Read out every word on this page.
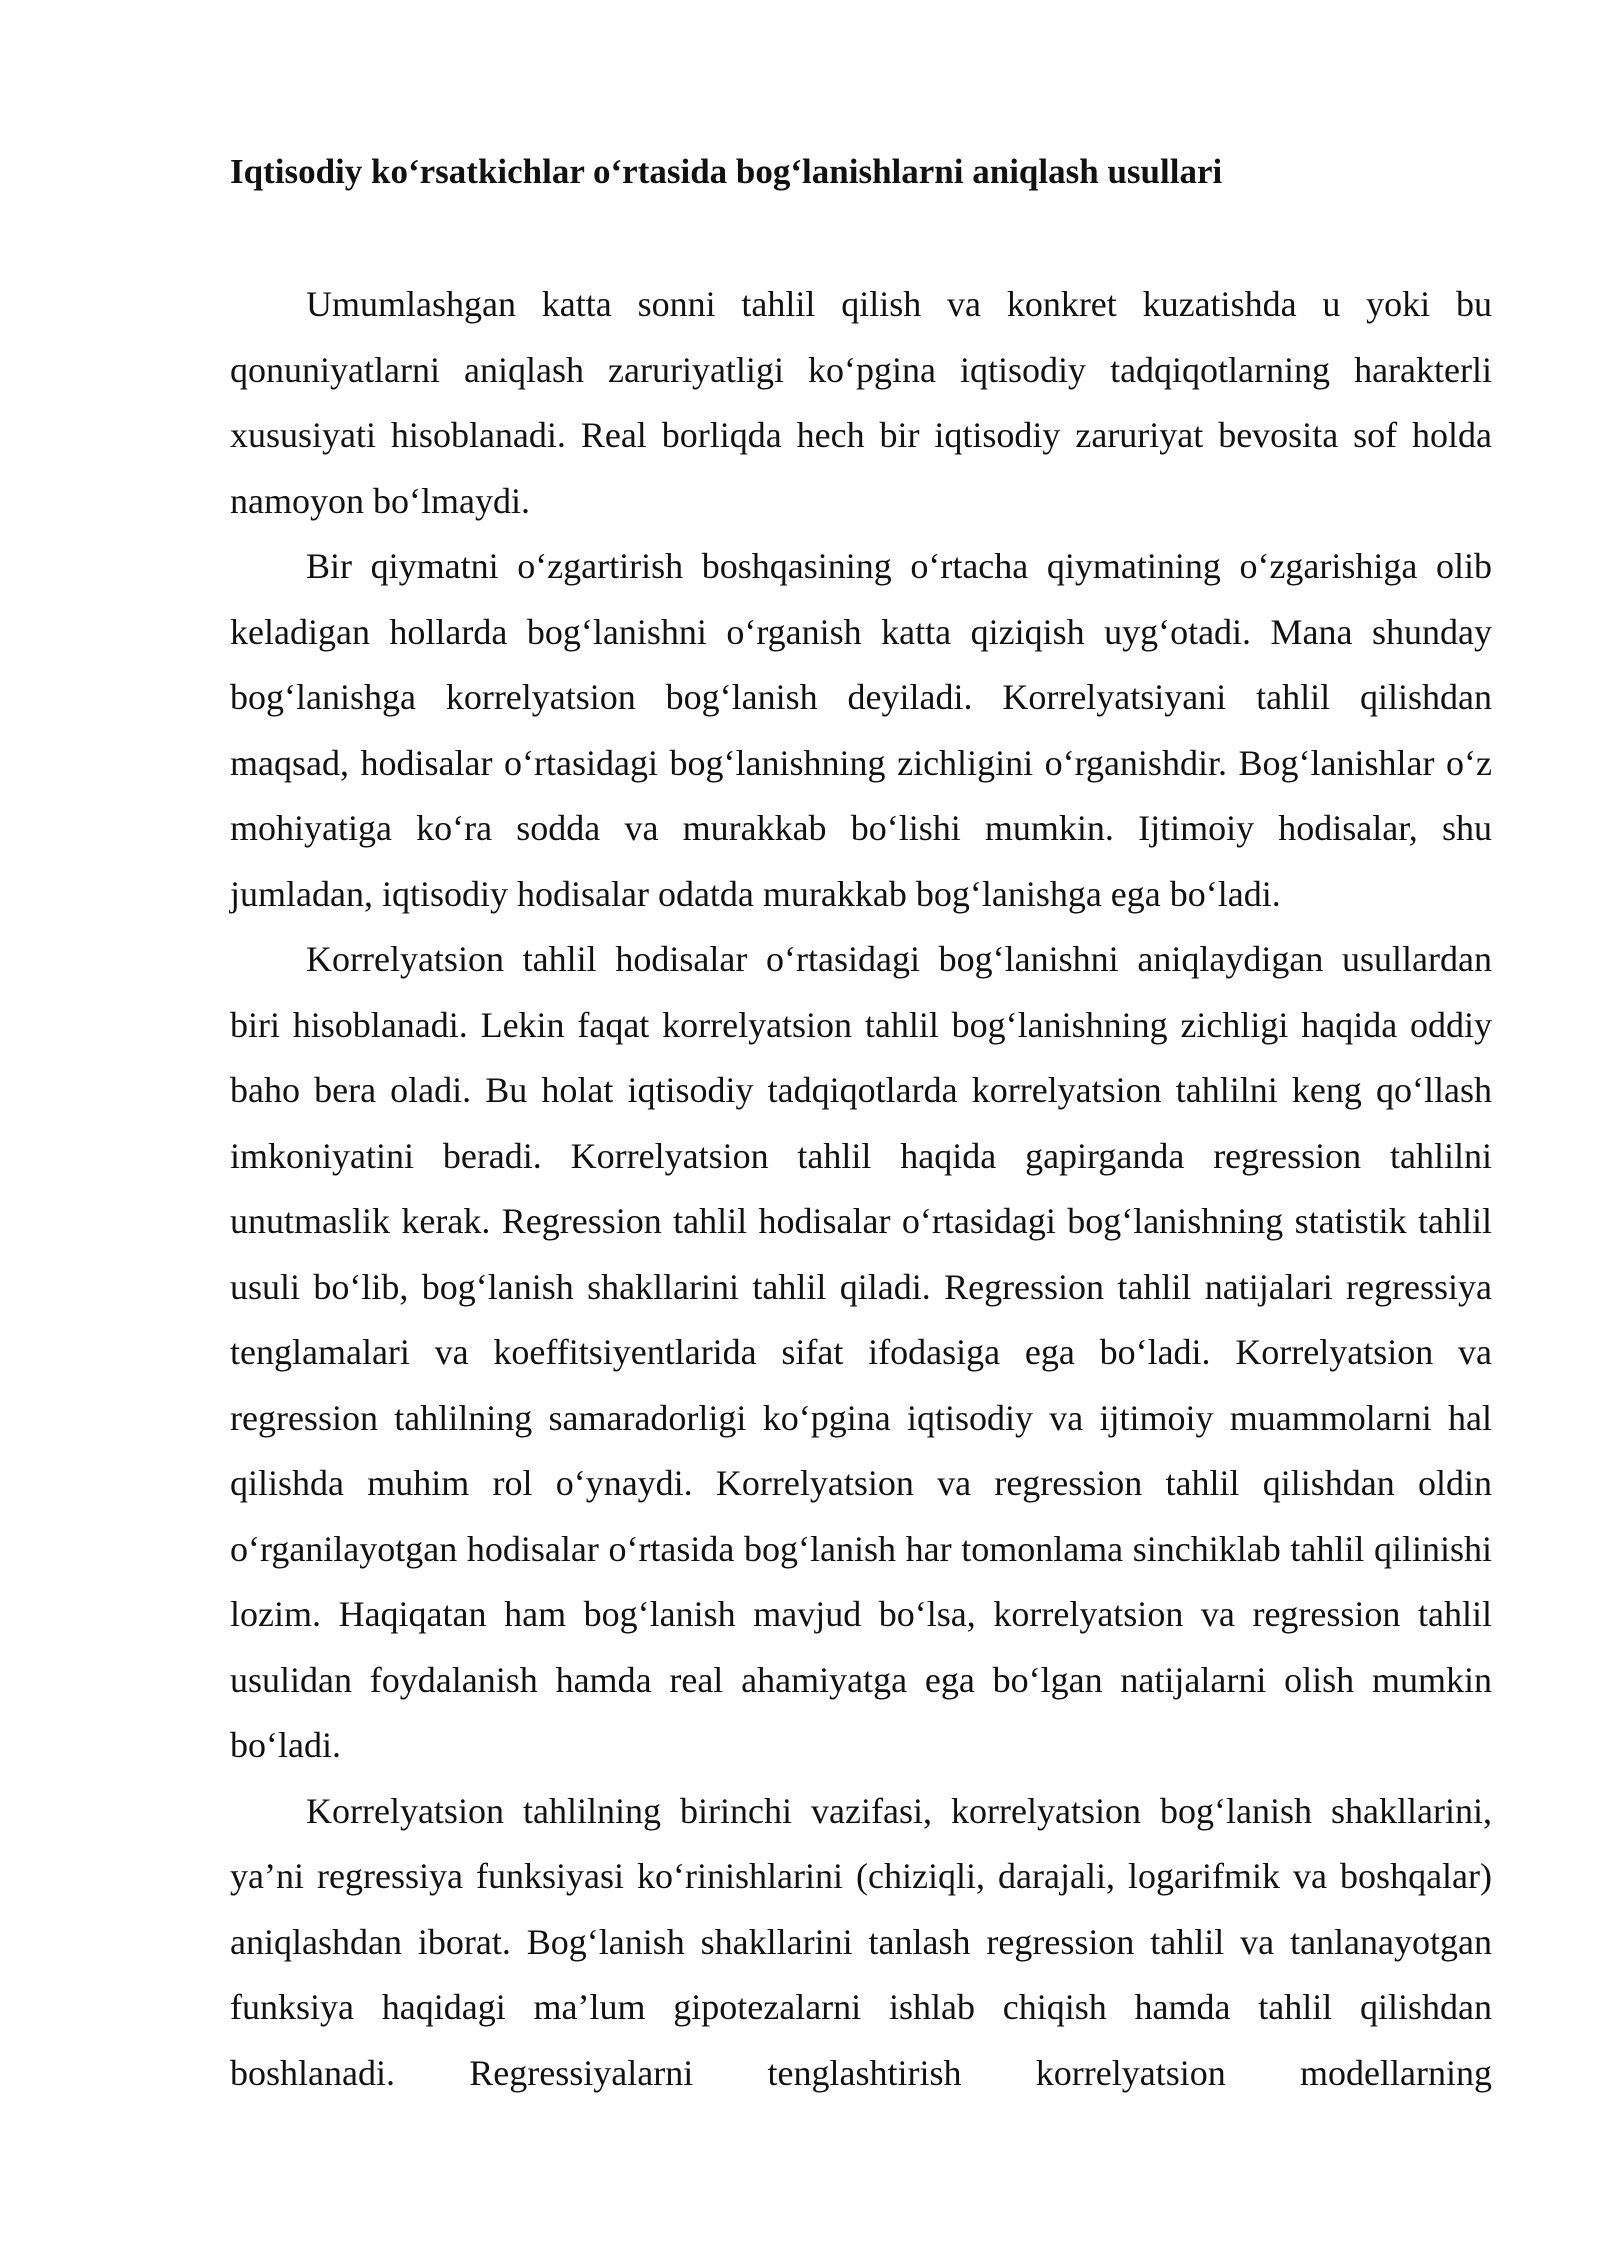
Iqtisodiy ko‘rsatkichlar o‘rtasida bog‘lanishlarni aniqlash usullari

Umumlashgan katta sonni tahlil qilish va konkret kuzatishda u yoki bu qonuniyatlarni aniqlash zaruriyatligi ko‘pgina iqtisodiy tadqiqotlarning harakterli xususiyati hisoblanadi. Real borliqda hech bir iqtisodiy zaruriyat bevosita sof holda namoyon bo‘lmaydi.

Bir qiymatni o‘zgartirish boshqasining o‘rtacha qiymatining o‘zgarishiga olib keladigan hollarda bog‘lanishni o‘rganish katta qiziqish uyg‘otadi. Mana shunday bog‘lanishga korrelyatsion bog‘lanish deyiladi. Korrelyatsiyani tahlil qilishdan maqsad, hodisalar o‘rtasidagi bog‘lanishning zichligini o‘rganishdir. Bog‘lanishlar o‘z mohiyatiga ko‘ra sodda va murakkab bo‘lishi mumkin. Ijtimoiy hodisalar, shu jumladan, iqtisodiy hodisalar odatda murakkab bog‘lanishga ega bo‘ladi.

Korrelyatsion tahlil hodisalar o‘rtasidagi bog‘lanishni aniqlaydigan usullardan biri hisoblanadi. Lekin faqat korrelyatsion tahlil bog‘lanishning zichligi haqida oddiy baho bera oladi. Bu holat iqtisodiy tadqiqotlarda korrelyatsion tahlilni keng qo‘llash imkoniyatini beradi. Korrelyatsion tahlil haqida gapirganda regression tahlilni unutmaslik kerak. Regression tahlil hodisalar o‘rtasidagi bog‘lanishning statistik tahlil usuli bo‘lib, bog‘lanish shakllarini tahlil qiladi. Regression tahlil natijalari regressiya tenglamalari va koeffitsiyentlarida sifat ifodasiga ega bo‘ladi. Korrelyatsion va regression tahlilning samaradorligi ko‘pgina iqtisodiy va ijtimoiy muammolarni hal qilishda muhim rol o‘ynaydi. Korrelyatsion va regression tahlil qilishdan oldin o‘rganilayotgan hodisalar o‘rtasida bog‘lanish har tomonlama sinchiklab tahlil qilinishi lozim. Haqiqatan ham bog‘lanish mavjud bo‘lsa, korrelyatsion va regression tahlil usulidan foydalanish hamda real ahamiyatga ega bo‘lgan natijalarni olish mumkin bo‘ladi.

Korrelyatsion tahlilning birinchi vazifasi, korrelyatsion bog‘lanish shakllarini, ya’ni regressiya funksiyasi ko‘rinishlarini (chiziqli, darajali, logarifmik va boshqalar) aniqlashdan iborat. Bog‘lanish shakllarini tanlash regression tahlil va tanlanayotgan funksiya haqidagi ma’lum gipotezalarni ishlab chiqish hamda tahlil qilishdan boshlanadi. Regressiyalarni tenglashtirish korrelyatsion modellarning
